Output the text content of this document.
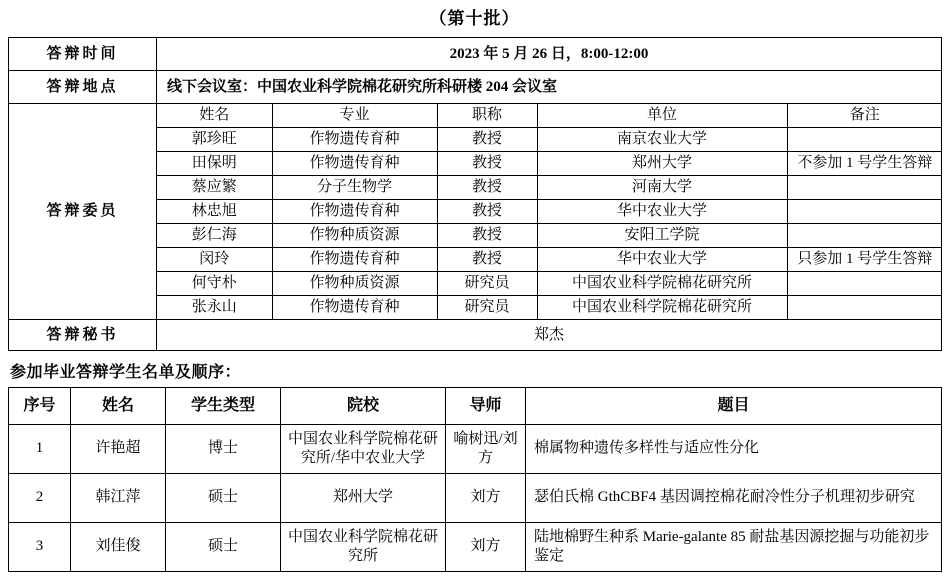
（第十批）
答辩时间	2023 年 5 月 26 日，8:00-12:00
答辩地点	线下会议室：中国农业科学院棉花研究所科研楼 204 会议室
答辩委员	
姓名	专业	职称	单位	备注
郭珍旺	作物遗传育种	教授	南京农业大学	
田保明	作物遗传育种	教授	郑州大学	不参加 1 号学生答辩
蔡应繁	分子生物学	教授	河南大学	
林忠旭	作物遗传育种	教授	华中农业大学	
彭仁海	作物种质资源	教授	安阳工学院	
闵玲	作物遗传育种	教授	华中农业大学	只参加 1 号学生答辩
何守朴	作物种质资源	研究员	中国农业科学院棉花研究所	
张永山	作物遗传育种	研究员	中国农业科学院棉花研究所	

答辩秘书	郑杰
参加毕业答辩学生名单及顺序：
序号	姓名	学生类型	院校	导师	题目
1	许艳超	博士	中国农业科学院棉花研究所/华中农业大学	喻树迅/刘方	棉属物种遗传多样性与适应性分化
2	韩江萍	硕士	郑州大学	刘方	瑟伯氏棉 GthCBF4 基因调控棉花耐冷性分子机理初步研究
3	刘佳俊	硕士	中国农业科学院棉花研究所	刘方	陆地棉野生种系 Marie-galante 85 耐盐基因源挖掘与功能初步鉴定
